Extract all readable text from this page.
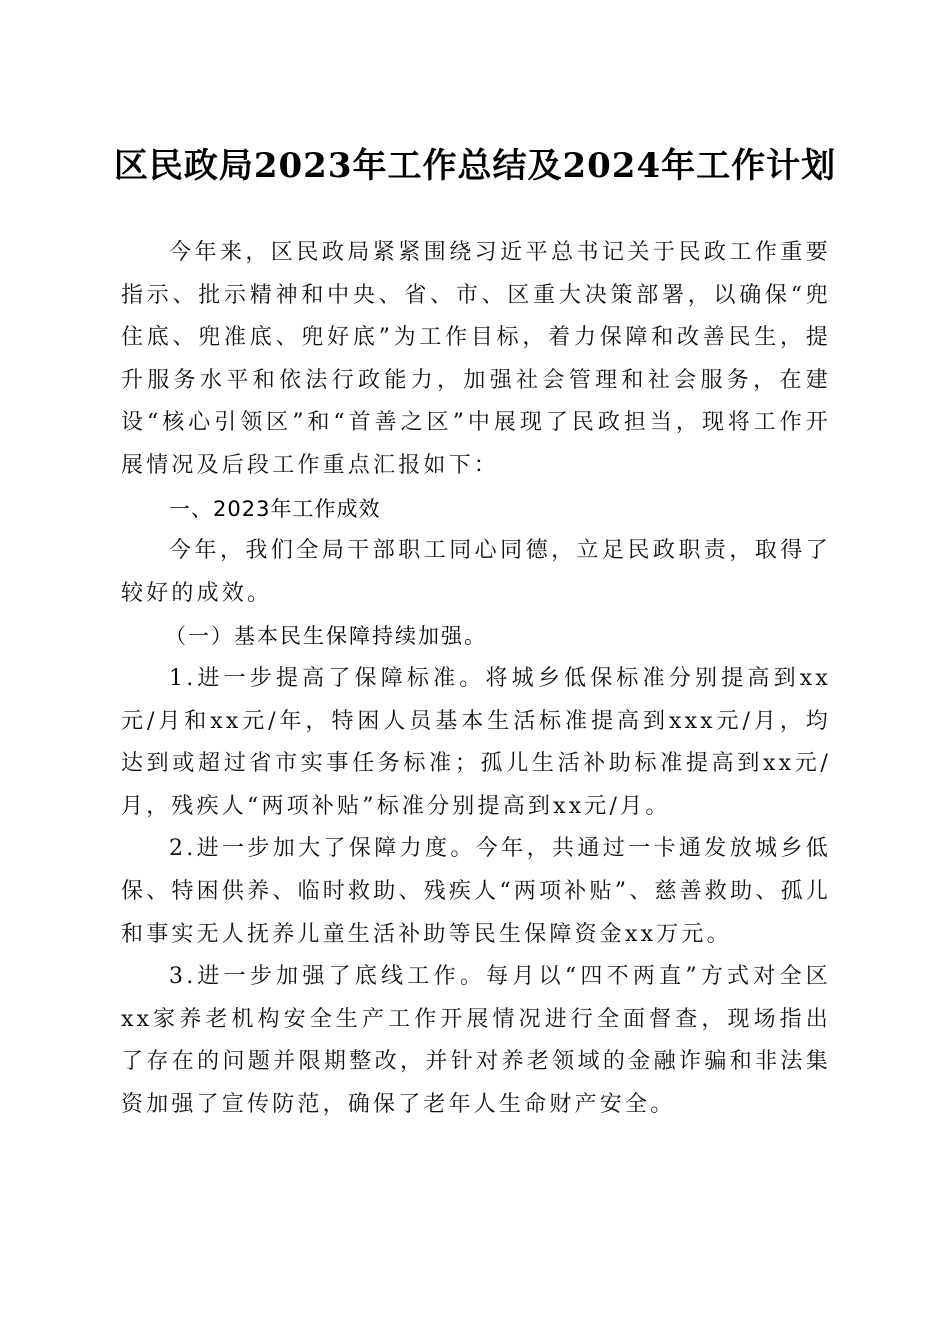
区民政局2023年工作总结及2024年工作计划

今年来，区民政局紧紧围绕习近平总书记关于民政工作重要指示、批示精神和中央、省、市、区重大决策部署，以确保“兜住底、兜准底、兜好底”为工作目标，着力保障和改善民生，提升服务水平和依法行政能力，加强社会管理和社会服务，在建设“核心引领区”和“首善之区”中展现了民政担当，现将工作开展情况及后段工作重点汇报如下：

一、2023年工作成效

今年，我们全局干部职工同心同德，立足民政职责，取得了较好的成效。

（一）基本民生保障持续加强。

1.进一步提高了保障标准。将城乡低保标准分别提高到xx元/月和xx元/年，特困人员基本生活标准提高到xxx元/月，均达到或超过省市实事任务标准；孤儿生活补助标准提高到xx元/月，残疾人“两项补贴”标准分别提高到xx元/月。

2.进一步加大了保障力度。今年，共通过一卡通发放城乡低保、特困供养、临时救助、残疾人“两项补贴”、慈善救助、孤儿和事实无人抚养儿童生活补助等民生保障资金xx万元。

3.进一步加强了底线工作。每月以“四不两直”方式对全区xx家养老机构安全生产工作开展情况进行全面督查，现场指出了存在的问题并限期整改，并针对养老领域的金融诈骗和非法集资加强了宣传防范，确保了老年人生命财产安全。
